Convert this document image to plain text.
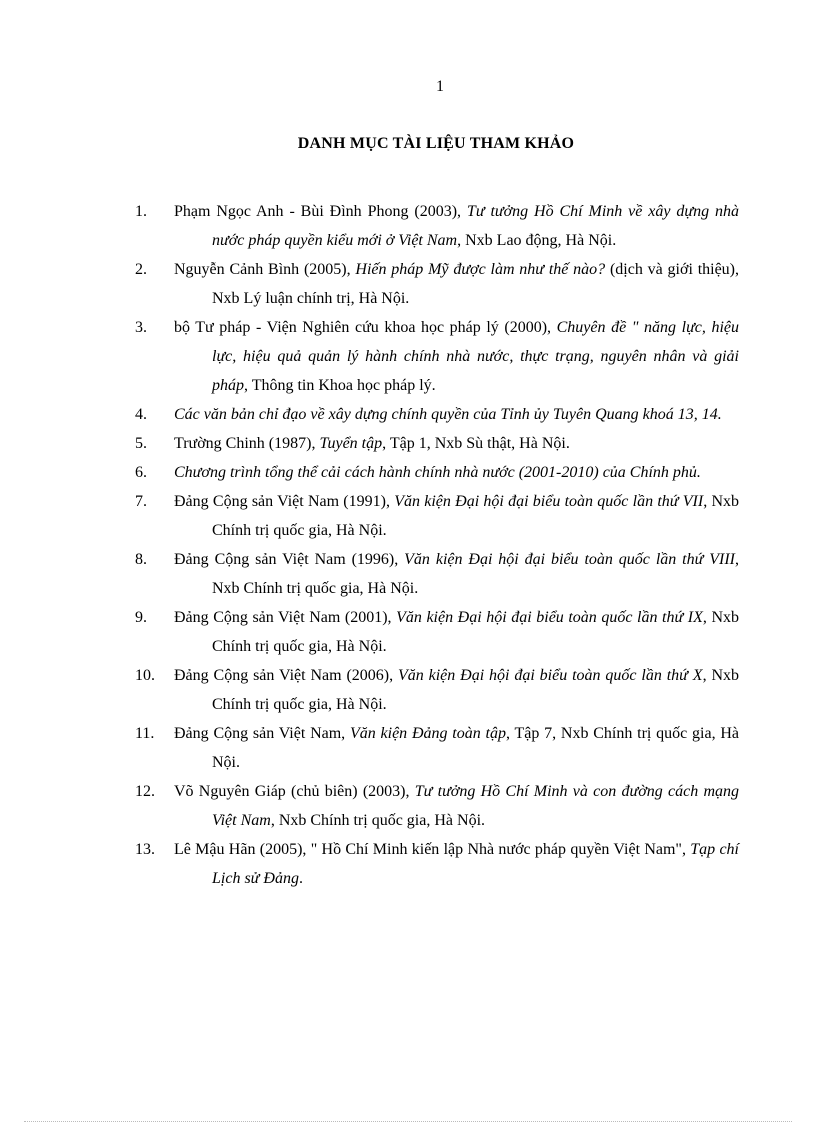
1
DANH MỤC TÀI LIỆU THAM KHẢO
1. Phạm Ngọc Anh - Bùi Đình Phong (2003), Tư tưởng Hồ Chí Minh về xây dựng nhà nước pháp quyền kiểu mới ở Việt Nam, Nxb Lao động, Hà Nội.
2. Nguyễn Cảnh Bình (2005), Hiến pháp Mỹ được làm như thế nào? (dịch và giới thiệu), Nxb Lý luận chính trị, Hà Nội.
3. bộ Tư pháp - Viện Nghiên cứu khoa học pháp lý (2000), Chuyên đề " năng lực, hiệu lực, hiệu quả quản lý hành chính nhà nước, thực trạng, nguyên nhân và giải pháp, Thông tin Khoa học pháp lý.
4. Các văn bản chỉ đạo về xây dựng chính quyền của Tỉnh ủy Tuyên Quang khoá 13, 14.
5. Trường Chinh (1987), Tuyển tập, Tập 1, Nxb Sù thật, Hà Nội.
6. Chương trình tổng thể cải cách hành chính nhà nước (2001-2010) của Chính phủ.
7. Đảng Cộng sản Việt Nam (1991), Văn kiện Đại hội đại biểu toàn quốc lần thứ VII, Nxb Chính trị quốc gia, Hà Nội.
8. Đảng Cộng sản Việt Nam (1996), Văn kiện Đại hội đại biểu toàn quốc lần thứ VIII, Nxb Chính trị quốc gia, Hà Nội.
9. Đảng Cộng sản Việt Nam (2001), Văn kiện Đại hội đại biểu toàn quốc lần thứ IX, Nxb Chính trị quốc gia, Hà Nội.
10. Đảng Cộng sản Việt Nam (2006), Văn kiện Đại hội đại biểu toàn quốc lần thứ X, Nxb Chính trị quốc gia, Hà Nội.
11. Đảng Cộng sản Việt Nam, Văn kiện Đảng toàn tập, Tập 7, Nxb Chính trị quốc gia, Hà Nội.
12. Võ Nguyên Giáp (chủ biên) (2003), Tư tưởng Hồ Chí Minh và con đường cách mạng Việt Nam, Nxb Chính trị quốc gia, Hà Nội.
13. Lê Mậu Hãn (2005), " Hồ Chí Minh kiến lập Nhà nước pháp quyền Việt Nam", Tạp chí Lịch sử Đảng.
